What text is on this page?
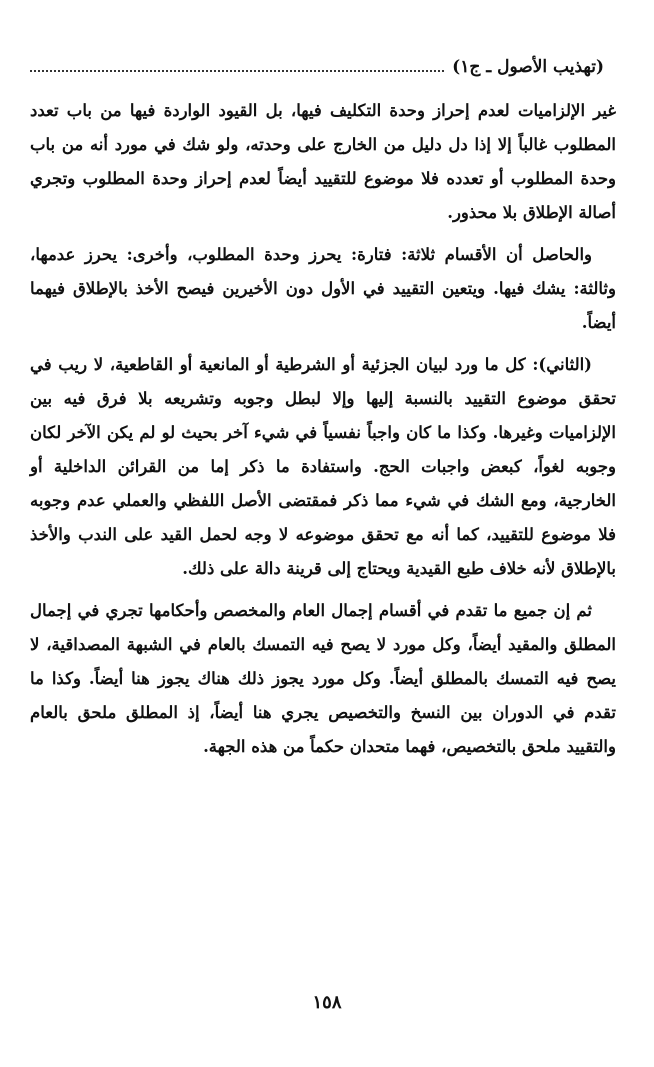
(تهذيب الأصول ـ ج١)

غير الإلزاميات لعدم إحراز وحدة التكليف فيها، بل القيود الواردة فيها من باب تعدد المطلوب غالباً إلا إذا دل دليل من الخارج على وحدته، ولو شك في مورد أنه من باب وحدة المطلوب أو تعدده فلا موضوع للتقييد أيضاً لعدم إحراز وحدة المطلوب وتجري أصالة الإطلاق بلا محذور.

والحاصل أن الأقسام ثلاثة: فتارة: يحرز وحدة المطلوب، وأخرى: يحرز عدمها، وثالثة: يشك فيها. ويتعين التقييد في الأول دون الأخيرين فيصح الأخذ بالإطلاق فيهما أيضاً.

(الثاني): كل ما ورد لبيان الجزئية أو الشرطية أو المانعية أو القاطعية، لا ريب في تحقق موضوع التقييد بالنسبة إليها وإلا لبطل وجوبه وتشريعه بلا فرق فيه بين الإلزاميات وغيرها. وكذا ما كان واجباً نفسياً في شيء آخر بحيث لو لم يكن الآخر لكان وجوبه لغواً، كبعض واجبات الحج. واستفادة ما ذكر إما من القرائن الداخلية أو الخارجية، ومع الشك في شيء مما ذكر فمقتضى الأصل اللفظي والعملي عدم وجوبه فلا موضوع للتقييد، كما أنه مع تحقق موضوعه لا وجه لحمل القيد على الندب والأخذ بالإطلاق لأنه خلاف طبع القيدية ويحتاج إلى قرينة دالة على ذلك.

ثم إن جميع ما تقدم في أقسام إجمال العام والمخصص وأحكامها تجري في إجمال المطلق والمقيد أيضاً، وكل مورد لا يصح فيه التمسك بالعام في الشبهة المصداقية، لا يصح فيه التمسك بالمطلق أيضاً. وكل مورد يجوز ذلك هناك يجوز هنا أيضاً. وكذا ما تقدم في الدوران بين النسخ والتخصيص يجري هنا أيضاً، إذ المطلق ملحق بالعام والتقييد ملحق بالتخصيص، فهما متحدان حكماً من هذه الجهة.

١٥٨
